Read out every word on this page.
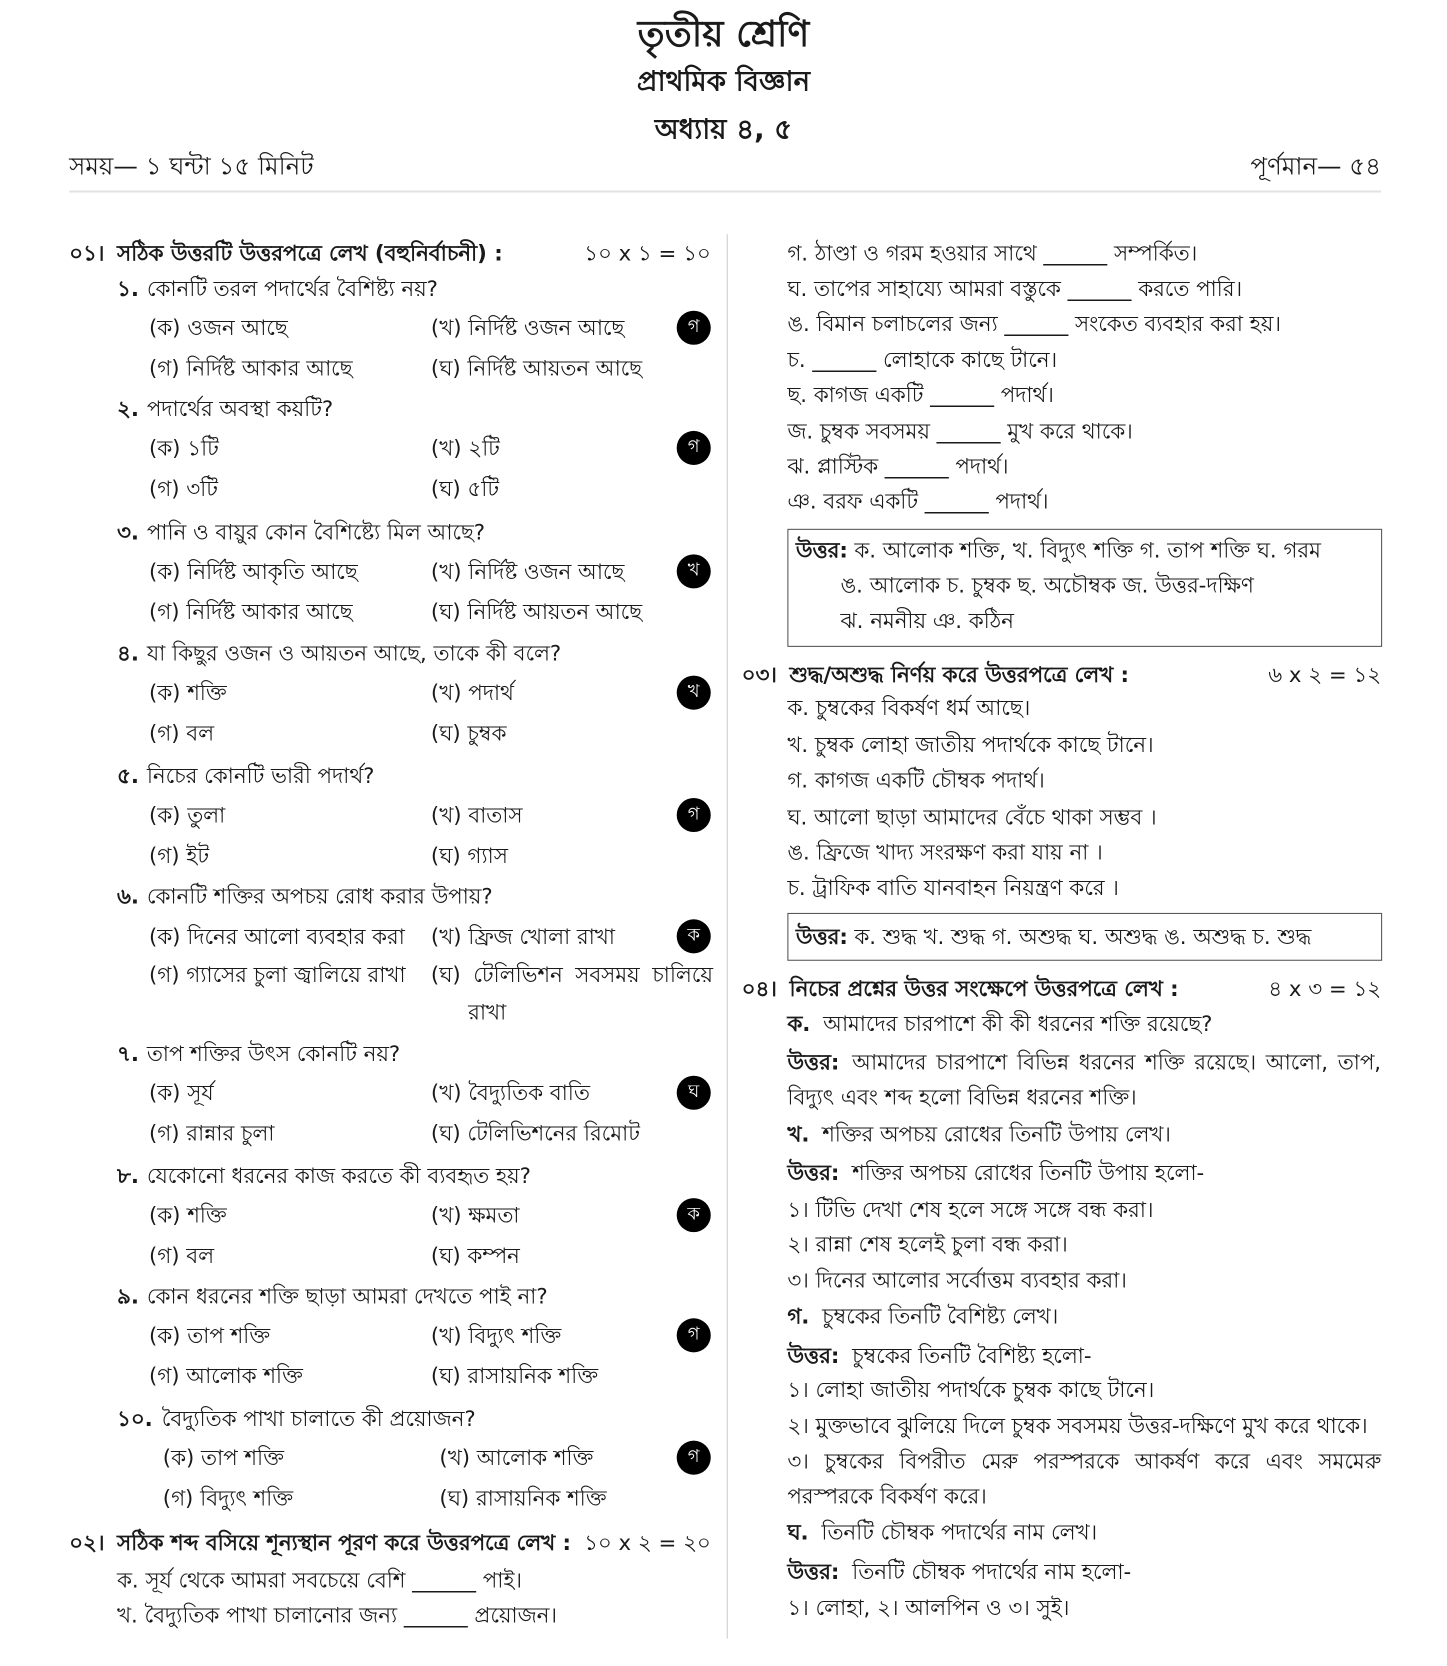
তৃতীয় শ্রেণি
প্রাথমিক বিজ্ঞান
অধ্যায় ৪, ৫
সময়— ১ ঘন্টা ১৫ মিনিট	পূর্ণমান— ৫৪
০১। সঠিক উত্তরটি উত্তরপত্রে লেখ (বহুনির্বাচনী) :	১০ x ১ = ১০
১. কোনটি তরল পদার্থের বৈশিষ্ট্য নয়?
(ক) ওজন আছে	(খ) নির্দিষ্ট ওজন আছে
(গ) নির্দিষ্ট আকার আছে	(ঘ) নির্দিষ্ট আয়তন আছে
গ
২. পদার্থের অবস্থা কয়টি?
(ক) ১টি	(খ) ২টি
(গ) ৩টি	(ঘ) ৫টি
গ
৩. পানি ও বায়ুর কোন বৈশিষ্ট্যে মিল আছে?
(ক) নির্দিষ্ট আকৃতি আছে	(খ) নির্দিষ্ট ওজন আছে
(গ) নির্দিষ্ট আকার আছে	(ঘ) নির্দিষ্ট আয়তন আছে
খ
৪. যা কিছুর ওজন ও আয়তন আছে, তাকে কী বলে?
(ক) শক্তি	(খ) পদার্থ
(গ) বল	(ঘ) চুম্বক
খ
৫. নিচের কোনটি ভারী পদার্থ?
(ক) তুলা	(খ) বাতাস
(গ) ইট	(ঘ) গ্যাস
গ
৬. কোনটি শক্তির অপচয় রোধ করার উপায়?
(ক) দিনের আলো ব্যবহার করা (খ) ফ্রিজ খোলা রাখা
(গ) গ্যাসের চুলা জ্বালিয়ে রাখা (ঘ) টেলিভিশন সবসময় চালিয়ে রাখা
ক
৭. তাপ শক্তির উৎস কোনটি নয়?
(ক) সূর্য	(খ) বৈদ্যুতিক বাতি
(গ) রান্নার চুলা	(ঘ) টেলিভিশনের রিমোট
ঘ
৮. যেকোনো ধরনের কাজ করতে কী ব্যবহৃত হয়?
(ক) শক্তি	(খ) ক্ষমতা
(গ) বল	(ঘ) কম্পন
ক
৯. কোন ধরনের শক্তি ছাড়া আমরা দেখতে পাই না?
(ক) তাপ শক্তি	(খ) বিদ্যুৎ শক্তি
(গ) আলোক শক্তি	(ঘ) রাসায়নিক শক্তি
গ
১০. বৈদ্যুতিক পাখা চালাতে কী প্রয়োজন?
(ক) তাপ শক্তি	(খ) আলোক শক্তি
(গ) বিদ্যুৎ শক্তি	(ঘ) রাসায়নিক শক্তি
গ
০২। সঠিক শব্দ বসিয়ে শূন্যস্থান পূরণ করে উত্তরপত্রে লেখ : ১০ x ২ = ২০
ক. সূর্য থেকে আমরা সবচেয়ে বেশি ______ পাই।
খ. বৈদ্যুতিক পাখা চালানোর জন্য ______ প্রয়োজন।
গ. ঠাণ্ডা ও গরম হওয়ার সাথে ______ সম্পর্কিত।
ঘ. তাপের সাহায্যে আমরা বস্তুকে ______ করতে পারি।
ঙ. বিমান চলাচলের জন্য ______ সংকেত ব্যবহার করা হয়।
চ. ______ লোহাকে কাছে টানে।
ছ. কাগজ একটি ______ পদার্থ।
জ. চুম্বক সবসময় ______ মুখ করে থাকে।
ঝ. প্লাস্টিক ______ পদার্থ।
ঞ. বরফ একটি ______ পদার্থ।
উত্তর: ক. আলোক শক্তি, খ. বিদ্যুৎ শক্তি গ. তাপ শক্তি ঘ. গরম
ঙ. আলোক চ. চুম্বক ছ. অচৌম্বক জ. উত্তর-দক্ষিণ
ঝ. নমনীয় ঞ. কঠিন
০৩। শুদ্ধ/অশুদ্ধ নির্ণয় করে উত্তরপত্রে লেখ :	৬ x ২ = ১২
ক. চুম্বকের বিকর্ষণ ধর্ম আছে।
খ. চুম্বক লোহা জাতীয় পদার্থকে কাছে টানে।
গ. কাগজ একটি চৌম্বক পদার্থ।
ঘ. আলো ছাড়া আমাদের বেঁচে থাকা সম্ভব ।
ঙ. ফ্রিজে খাদ্য সংরক্ষণ করা যায় না ।
চ. ট্রাফিক বাতি যানবাহন নিয়ন্ত্রণ করে ।
উত্তর: ক. শুদ্ধ খ. শুদ্ধ গ. অশুদ্ধ ঘ. অশুদ্ধ ঙ. অশুদ্ধ চ. শুদ্ধ
০৪। নিচের প্রশ্নের উত্তর সংক্ষেপে উত্তরপত্রে লেখ :	৪ x ৩ = ১২
ক. আমাদের চারপাশে কী কী ধরনের শক্তি রয়েছে?
উত্তর: আমাদের চারপাশে বিভিন্ন ধরনের শক্তি রয়েছে। আলো, তাপ, বিদ্যুৎ এবং শব্দ হলো বিভিন্ন ধরনের শক্তি।
খ. শক্তির অপচয় রোধের তিনটি উপায় লেখ।
উত্তর: শক্তির অপচয় রোধের তিনটি উপায় হলো-
১। টিভি দেখা শেষ হলে সঙ্গে সঙ্গে বন্ধ করা।
২। রান্না শেষ হলেই চুলা বন্ধ করা।
৩। দিনের আলোর সর্বোত্তম ব্যবহার করা।
গ. চুম্বকের তিনটি বৈশিষ্ট্য লেখ।
উত্তর: চুম্বকের তিনটি বৈশিষ্ট্য হলো-
১। লোহা জাতীয় পদার্থকে চুম্বক কাছে টানে।
২। মুক্তভাবে ঝুলিয়ে দিলে চুম্বক সবসময় উত্তর-দক্ষিণে মুখ করে থাকে।
৩। চুম্বকের বিপরীত মেরু পরস্পরকে আকর্ষণ করে এবং সমমেরু পরস্পরকে বিকর্ষণ করে।
ঘ. তিনটি চৌম্বক পদার্থের নাম লেখ।
উত্তর: তিনটি চৌম্বক পদার্থের নাম হলো-
১। লোহা, ২। আলপিন ও ৩। সুই।
